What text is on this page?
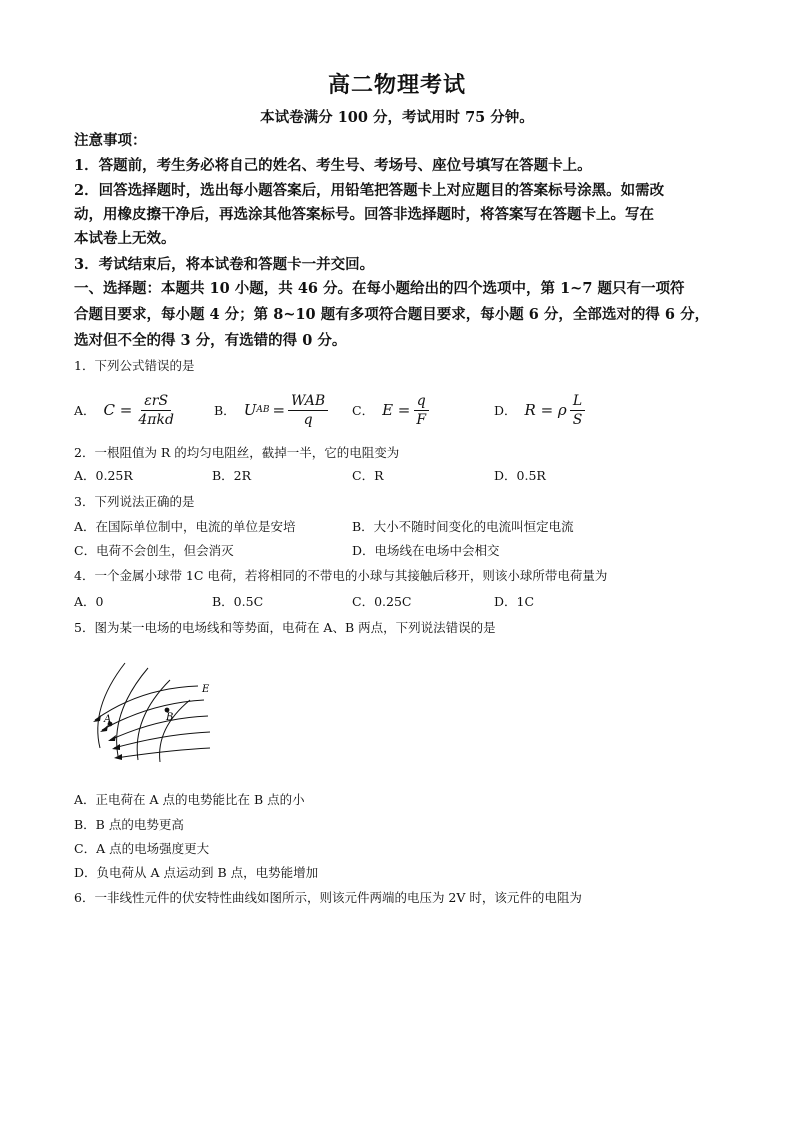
高二物理考试
本试卷满分 100 分，考试用时 75 分钟。
注意事项：
1．答题前，考生务必将自己的姓名、考生号、考场号、座位号填写在答题卡上。
2．回答选择题时，选出每小题答案后，用铅笔把答题卡上对应题目的答案标号涂黑。如需改
动，用橡皮擦干净后，再选涂其他答案标号。回答非选择题时，将答案写在答题卡上。写在
本试卷上无效。
3．考试结束后，将本试卷和答题卡一并交回。
一、选择题：本题共 10 小题，共 46 分。在每小题给出的四个选项中，第 1~7 题只有一项符
合题目要求，每小题 4 分；第 8~10 题有多项符合题目要求，每小题 6 分，全部选对的得 6 分，
选对但不全的得 3 分，有选错的得 0 分。
1．下列公式错误的是
A． $C = \frac{\text{εrS}}{\text{4πkd}}$	B． U AB = $\frac{\text{WAB}}{q}$ C． $E = \frac{q}{F}$	D． R = ρ $\frac{L}{S}$
2．一根阻值为 R 的均匀电阻丝，截掉一半，它的电阻变为
A．0.25R	B．2R	C．R	D．0.5R
3．下列说法正确的是
A．在国际单位制中，电流的单位是安培	B．大小不随时间变化的电流叫恒定电流
C．电荷不会创生，但会消灭	D．电场线在电场中会相交
4．一个金属小球带 1C 电荷，若将相同的不带电的小球与其接触后移开，则该小球所带电荷量为
A．0	B．0.5C	C．0.25C	D．1C
5．图为某一电场的电场线和等势面，电荷在 A、B 两点，下列说法错误的是
A	B
E
A．正电荷在 A 点的电势能比在 B 点的小
B．B 点的电势更高
C．A 点的电场强度更大
D．负电荷从 A 点运动到 B 点，电势能增加
6．一非线性元件的伏安特性曲线如图所示，则该元件两端的电压为 2V 时，该元件的电阻为
